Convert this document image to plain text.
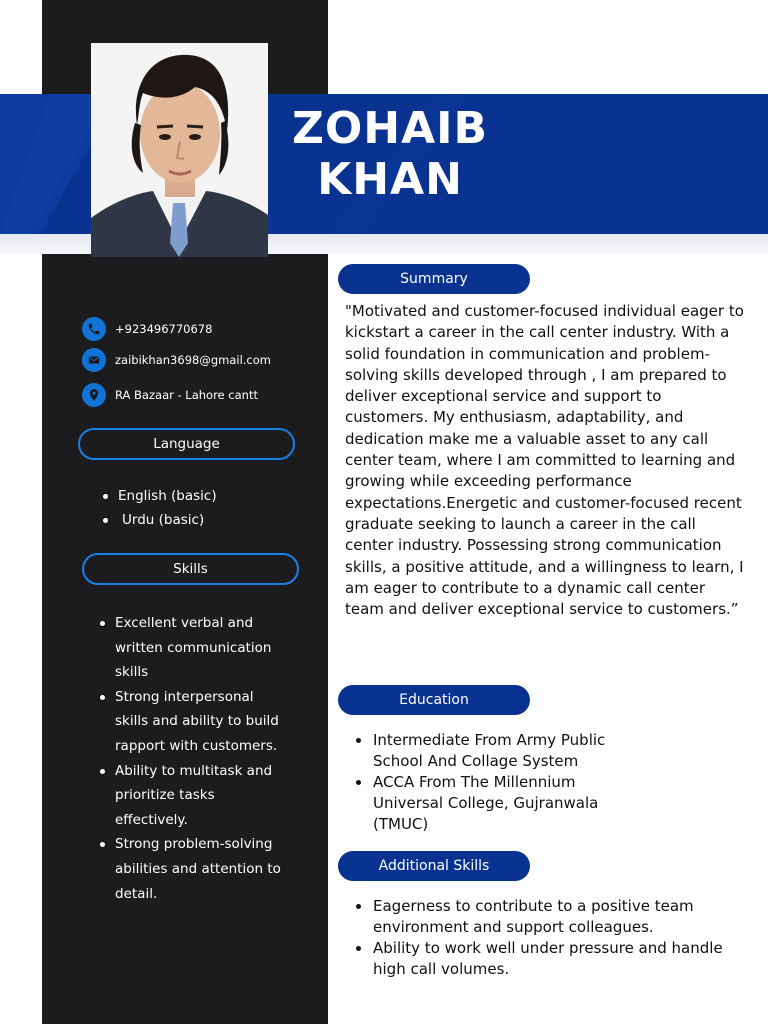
ZOHAIB
KHAN
+923496770678
zaibikhan3698@gmail.com
RA Bazaar - Lahore cantt
Language
English (basic)
Urdu (basic)
Skills
Excellent verbal and written communication skills
Strong interpersonal skills and ability to build rapport with customers.
Ability to multitask and prioritize tasks effectively.
Strong problem-solving abilities and attention to detail.
Summary

"Motivated and customer-focused individual eager to kickstart a career in the call center industry. With a solid foundation in communication and problem-solving skills developed through , I am prepared to deliver exceptional service and support to customers. My enthusiasm, adaptability, and dedication make me a valuable asset to any call center team, where I am committed to learning and growing while exceeding performance expectations.Energetic and customer-focused recent graduate seeking to launch a career in the call center industry. Possessing strong communication skills, a positive attitude, and a willingness to learn, I am eager to contribute to a dynamic call center team and deliver exceptional service to customers.”

Education
Intermediate From Army Public School And Collage System
ACCA From The Millennium Universal College, Gujranwala (TMUC)
Additional Skills
Eagerness to contribute to a positive team environment and support colleagues.
Ability to work well under pressure and handle high call volumes.
